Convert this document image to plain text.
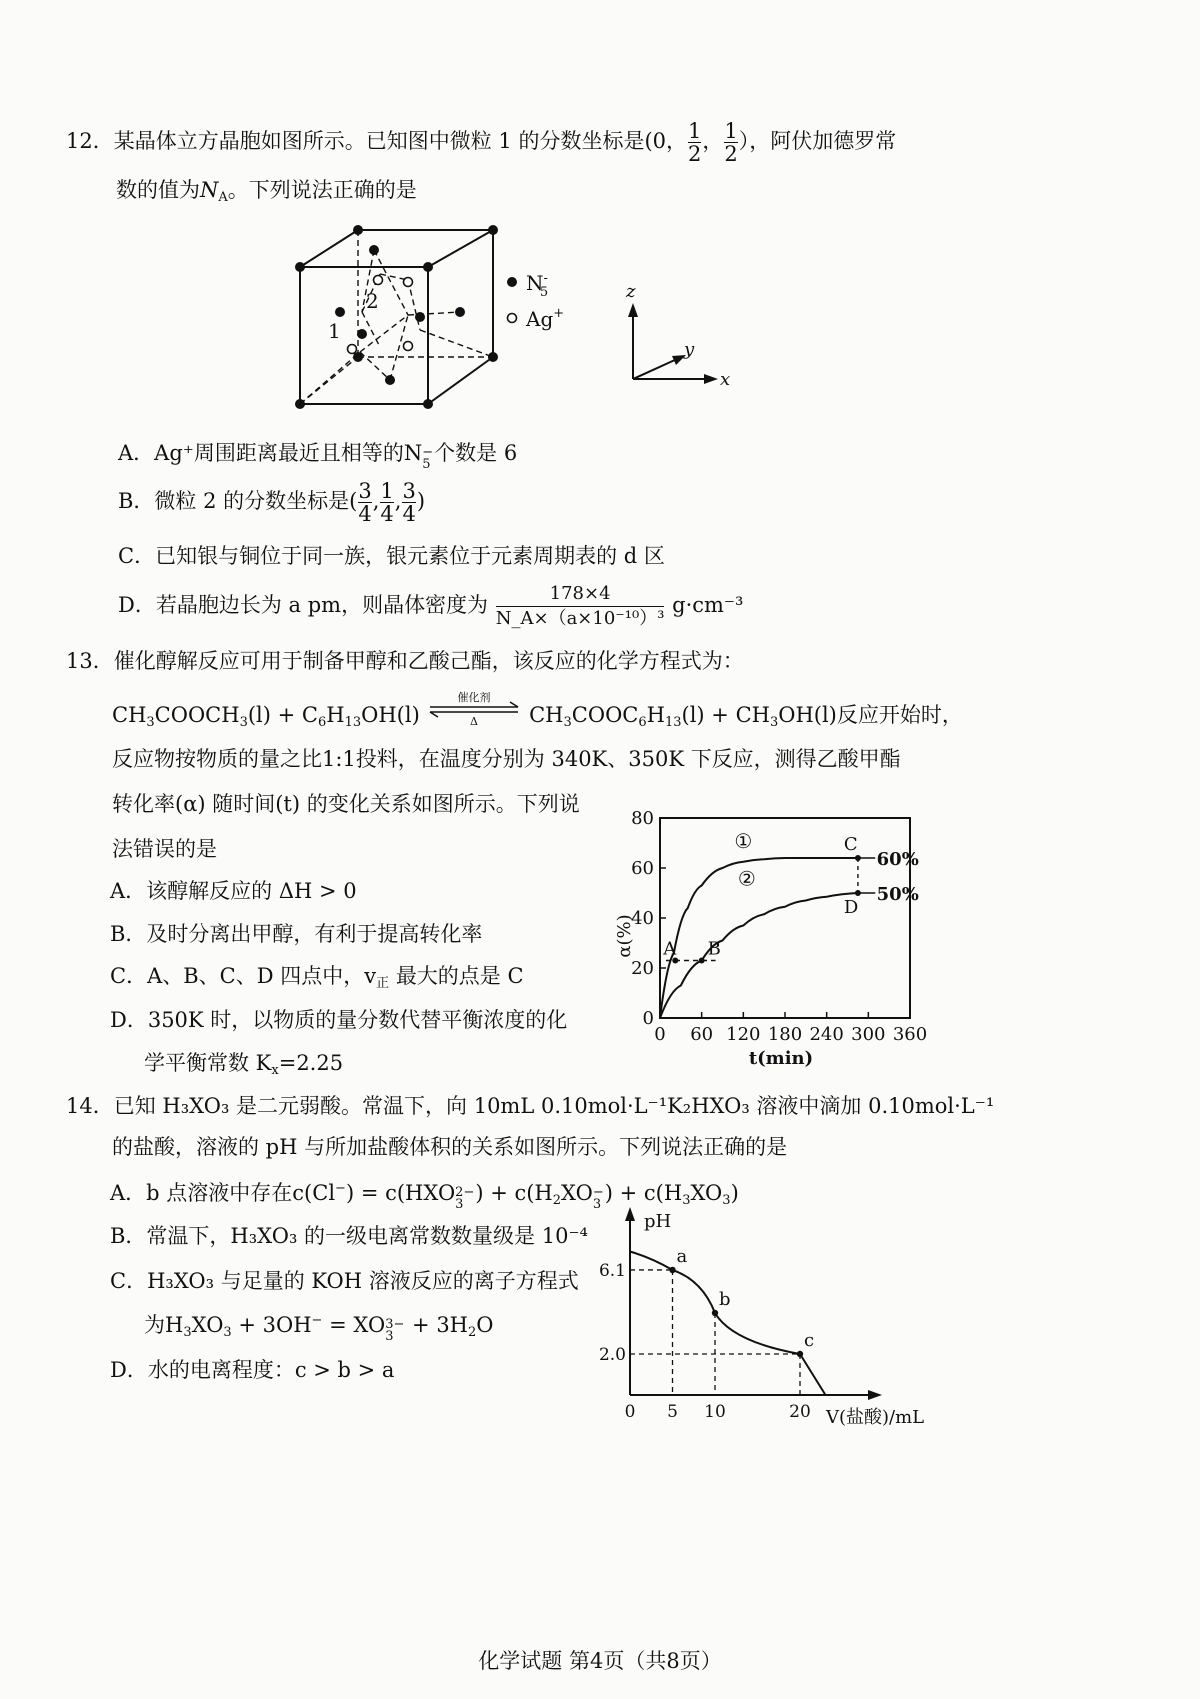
12．某晶体立方晶胞如图所示。已知图中微粒 1 的分数坐标是(0， $\frac{1}{2}$ ， $\frac{1}{2}$ ），阿伏加德罗常
数的值为$N_A$。下列说法正确的是
1
2
N-5
Ag+
z
y
x
A．Ag⁺周围距离最近且相等的N −
5 个数是 6
B．微粒 2 的分数坐标是( $\frac{3}{4}$ , $\frac{1}{4}$ , $\frac{3}{4}$ )
C．已知银与铜位于同一族，银元素位于元素周期表的 d 区
D．若晶胞边长为 a pm，则晶体密度为 $\frac{178\times 4}{\text{N\_A×（a×10⁻¹⁰）³}} g\cdot cm^{-3}$
13．催化醇解反应可用于制备甲醇和乙酸己酯，该反应的化学方程式为：
$CH_3COOCH_3(l) + C_6H_{13}OH(l)$
催化剂
Δ $CH_3COOC_6H_{13}(l) + CH_3OH(l)$反应开始时，
反应物按物质的量之比1:1投料，在温度分别为 340K、350K 下反应，测得乙酸甲酯
转化率(α) 随时间(t) 的变化关系如图所示。下列说
法错误的是
A．该醇解反应的 ΔH > 0
B．及时分离出甲醇，有利于提高转化率
C．A、B、C、D 四点中，$v_正$ 最大的点是 C
D．350K 时，以物质的量分数代替平衡浓度的化
学平衡常数 $K_x=2.25$
0 60 120 180 240 300 360
0
20
40
60
80
t(min)
α(%)
①
②
A B
C
D
60%
50%
14．已知 H₃XO₃ 是二元弱酸。常温下，向 10mL 0.10mol·L⁻¹K₂HXO₃ 溶液中滴加 0.10mol·L⁻¹
的盐酸，溶液的 pH 与所加盐酸体积的关系如图所示。下列说法正确的是
A．b 点溶液中存在c(Cl−) = c(HXO 2−
3 ) + $c(H_2XO$ −
3 ) + $c(H_3XO_3)$
B．常温下，H₃XO₃ 的一级电离常数数量级是 10⁻⁴
C．H₃XO₃ 与足量的 KOH 溶液反应的离子方程式
为$H_3XO_3 + 3OH^-$ = XO 3−
$3 + 3H_2O$
D．水的电离程度：c > b > a
pH
V(盐酸)/mL
0 5 10	20
2.0
6.1
a
b
c
化学试题 第4页（共8页）
